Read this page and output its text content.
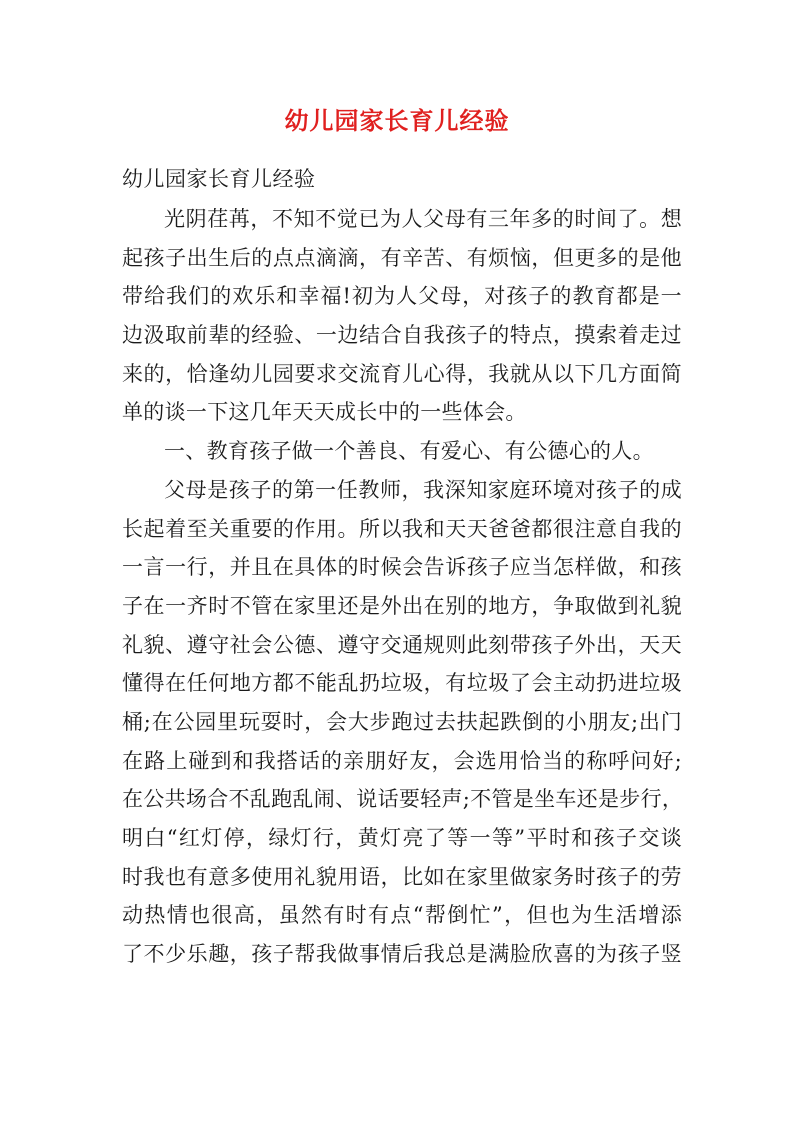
幼儿园家长育儿经验
幼儿园家长育儿经验
光阴荏苒，不知不觉已为人父母有三年多的时间了。想
起孩子出生后的点点滴滴，有辛苦、有烦恼，但更多的是他
带给我们的欢乐和幸福!初为人父母，对孩子的教育都是一
边汲取前辈的经验、一边结合自我孩子的特点，摸索着走过
来的，恰逢幼儿园要求交流育儿心得，我就从以下几方面简
单的谈一下这几年天天成长中的一些体会。
一、教育孩子做一个善良、有爱心、有公德心的人。
父母是孩子的第一任教师，我深知家庭环境对孩子的成
长起着至关重要的作用。所以我和天天爸爸都很注意自我的
一言一行，并且在具体的时候会告诉孩子应当怎样做，和孩
子在一齐时不管在家里还是外出在别的地方，争取做到礼貌
礼貌、遵守社会公德、遵守交通规则此刻带孩子外出，天天
懂得在任何地方都不能乱扔垃圾，有垃圾了会主动扔进垃圾
桶;在公园里玩耍时，会大步跑过去扶起跌倒的小朋友;出门
在路上碰到和我搭话的亲朋好友，会选用恰当的称呼问好;
在公共场合不乱跑乱闹、说话要轻声;不管是坐车还是步行，
明白“红灯停，绿灯行，黄灯亮了等一等”平时和孩子交谈
时我也有意多使用礼貌用语，比如在家里做家务时孩子的劳
动热情也很高，虽然有时有点“帮倒忙”，但也为生活增添
了不少乐趣，孩子帮我做事情后我总是满脸欣喜的为孩子竖
